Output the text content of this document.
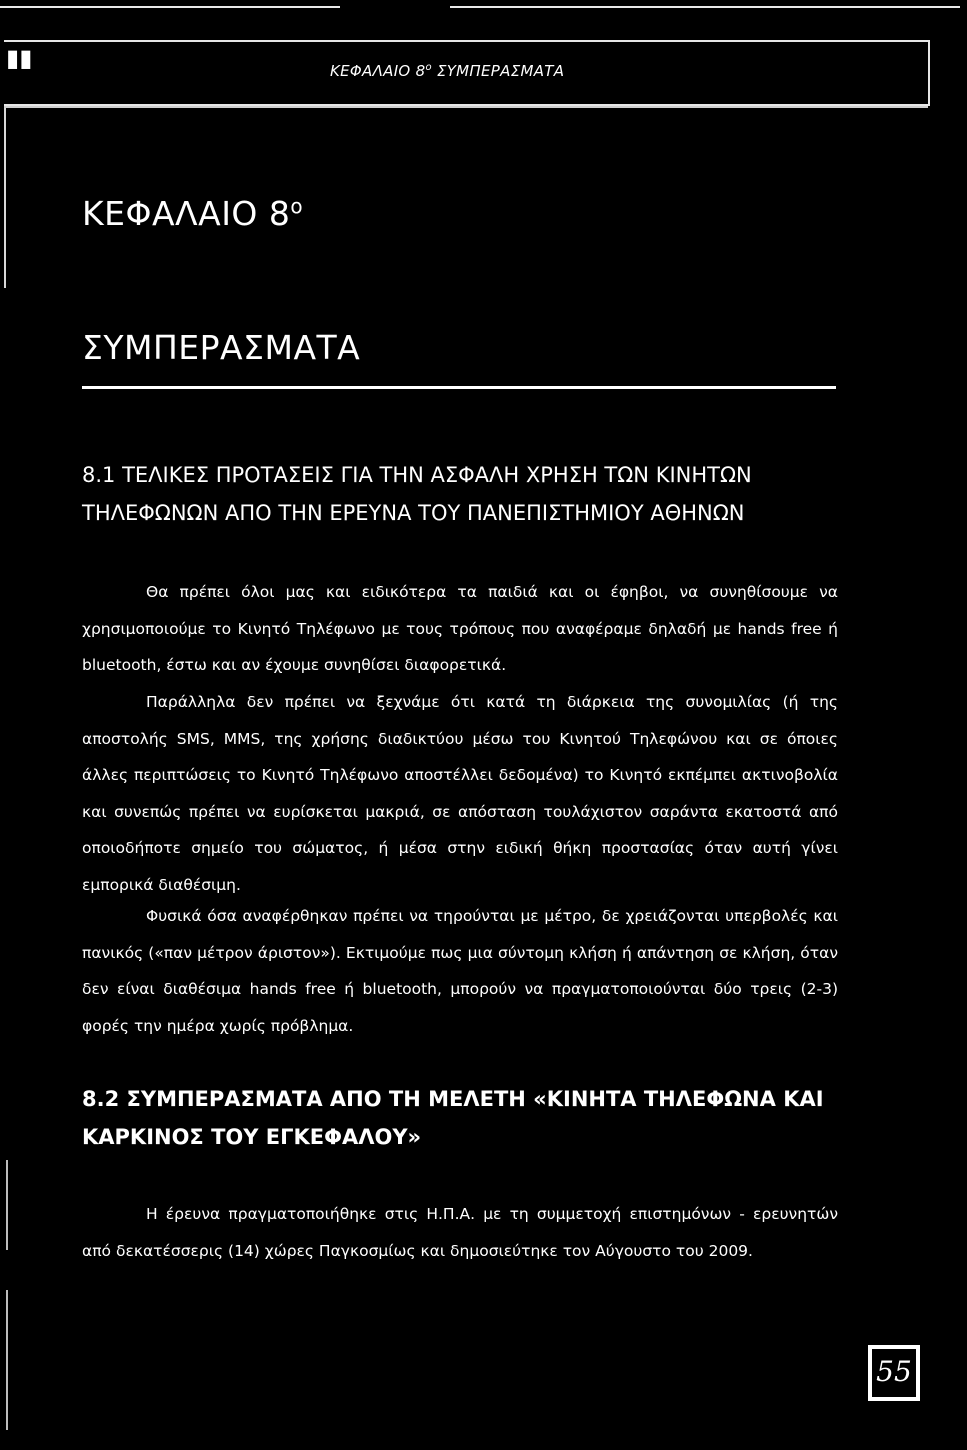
▮▮	ΚΕΦΑΛΑΙΟ $8^o$ ΣΥΜΠΕΡΑΣΜΑΤΑ
ΚΕΦΑΛΑΙΟ $8^o$
ΣΥΜΠΕΡΑΣΜΑΤΑ
8.1 ΤΕΛΙΚΕΣ ΠΡΟΤΑΣΕΙΣ ΓΙΑ ΤΗΝ ΑΣΦΑΛΗ ΧΡΗΣΗ ΤΩΝ ΚΙΝΗΤΩΝ ΤΗΛΕΦΩΝΩΝ ΑΠΟ ΤΗΝ ΕΡΕΥΝΑ ΤΟΥ ΠΑΝΕΠΙΣΤΗΜΙΟΥ ΑΘΗΝΩΝ

Θα πρέπει όλοι μας και ειδικότερα τα παιδιά και οι έφηβοι, να συνηθίσουμε να χρησιμοποιούμε το Κινητό Τηλέφωνο με τους τρόπους που αναφέραμε δηλαδή με hands free ή bluetooth, έστω και αν έχουμε συνηθίσει διαφορετικά.

Παράλληλα δεν πρέπει να ξεχνάμε ότι κατά τη διάρκεια της συνομιλίας (ή της αποστολής SMS, MMS, της χρήσης διαδικτύου μέσω του Κινητού Τηλεφώνου και σε όποιες άλλες περιπτώσεις το Κινητό Τηλέφωνο αποστέλλει δεδομένα) το Κινητό εκπέμπει ακτινοβολία και συνεπώς πρέπει να ευρίσκεται μακριά, σε απόσταση τουλάχιστον σαράντα εκατοστά από οποιοδήποτε σημείο του σώματος, ή μέσα στην ειδική θήκη προστασίας όταν αυτή γίνει εμπορικά διαθέσιμη.

Φυσικά όσα αναφέρθηκαν πρέπει να τηρούνται με μέτρο, δε χρειάζονται υπερβολές και πανικός («παν μέτρον άριστον»). Εκτιμούμε πως μια σύντομη κλήση ή απάντηση σε κλήση, όταν δεν είναι διαθέσιμα hands free ή bluetooth, μπορούν να πραγματοποιούνται δύο τρεις (2-3) φορές την ημέρα χωρίς πρόβλημα.

8.2 ΣΥΜΠΕΡΑΣΜΑΤΑ ΑΠΟ ΤΗ ΜΕΛΕΤΗ «ΚΙΝΗΤΑ ΤΗΛΕΦΩΝΑ ΚΑΙ ΚΑΡΚΙΝΟΣ ΤΟΥ ΕΓΚΕΦΑΛΟΥ»

Η έρευνα πραγματοποιήθηκε στις Η.Π.Α. με τη συμμετοχή επιστημόνων - ερευνητών από δεκατέσσερις (14) χώρες Παγκοσμίως και δημοσιεύτηκε τον Αύγουστο του 2009.

55
